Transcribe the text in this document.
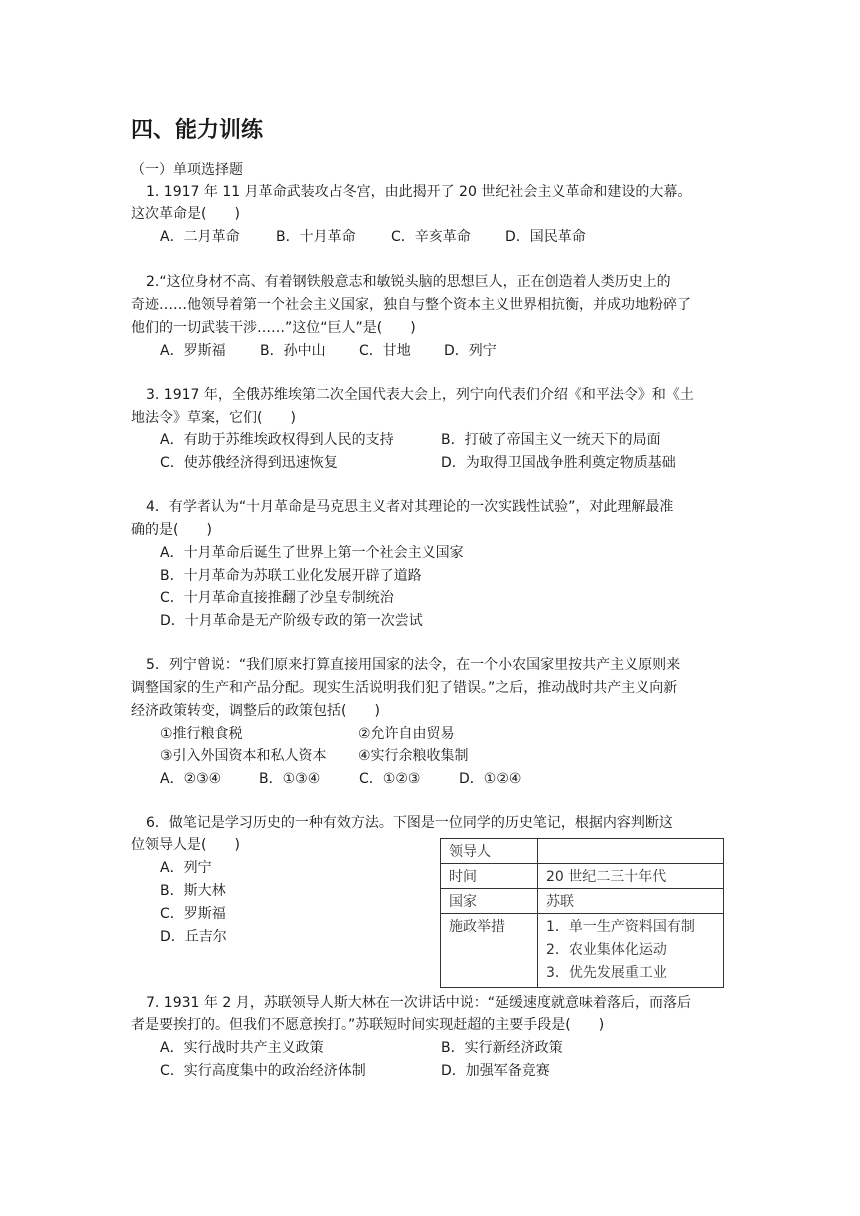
四、能力训练
（一）单项选择题
1. 1917 年 11 月革命武装攻占冬宫，由此揭开了 20 世纪社会主义革命和建设的大幕。
这次革命是(　　)
A．二月革命	B．十月革命	C．辛亥革命 D．国民革命
2.“这位身材不高、有着钢铁般意志和敏锐头脑的思想巨人，正在创造着人类历史上的
奇迹……他领导着第一个社会主义国家，独自与整个资本主义世界相抗衡，并成功地粉碎了
他们的一切武装干涉……”这位“巨人”是(　　)
A．罗斯福 B．孙中山 C．甘地 D．列宁
3. 1917 年，全俄苏维埃第二次全国代表大会上，列宁向代表们介绍《和平法令》和《土
地法令》草案，它们(　　)
A．有助于苏维埃政权得到人民的支持	B．打破了帝国主义一统天下的局面
C．使苏俄经济得到迅速恢复	D．为取得卫国战争胜利奠定物质基础
4．有学者认为“十月革命是马克思主义者对其理论的一次实践性试验”，对此理解最准
确的是(　　)
A．十月革命后诞生了世界上第一个社会主义国家
B．十月革命为苏联工业化发展开辟了道路
C．十月革命直接推翻了沙皇专制统治
D．十月革命是无产阶级专政的第一次尝试
5．列宁曾说：“我们原来打算直接用国家的法令，在一个小农国家里按共产主义原则来
调整国家的生产和产品分配。现实生活说明我们犯了错误。”之后，推动战时共产主义向新
经济政策转变，调整后的政策包括(　　)
①推行粮食税	②允许自由贸易
③引入外国资本和私人资本 ④实行余粮收集制
A．②③④	B．①③④	C．①②③	D．①②④
6．做笔记是学习历史的一种有效方法。下图是一位同学的历史笔记，根据内容判断这
位领导人是(　　)
A．列宁
B．斯大林
C．罗斯福
D．丘吉尔
领导人	
时间	20 世纪二三十年代
国家	苏联
施政举措	1．单一生产资料国有制
2．农业集体化运动
3．优先发展重工业
7. 1931 年 2 月，苏联领导人斯大林在一次讲话中说：“延缓速度就意味着落后，而落后
者是要挨打的。但我们不愿意挨打。”苏联短时间实现赶超的主要手段是(　　)
A．实行战时共产主义政策	B．实行新经济政策
C．实行高度集中的政治经济体制	D．加强军备竞赛
